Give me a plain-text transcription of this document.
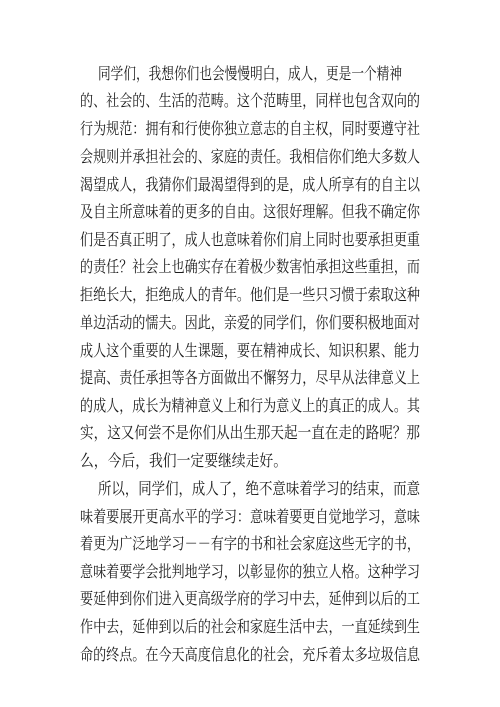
同学们，我想你们也会慢慢明白，成人，更是一个精神
的、社会的、生活的范畴。这个范畴里，同样也包含双向的
行为规范：拥有和行使你独立意志的自主权，同时要遵守社
会规则并承担社会的、家庭的责任。我相信你们绝大多数人
渴望成人，我猜你们最渴望得到的是，成人所享有的自主以
及自主所意味着的更多的自由。这很好理解。但我不确定你
们是否真正明了，成人也意味着你们肩上同时也要承担更重
的责任？社会上也确实存在着极少数害怕承担这些重担，而
拒绝长大，拒绝成人的青年。他们是一些只习惯于索取这种
单边活动的懦夫。因此，亲爱的同学们，你们要积极地面对
成人这个重要的人生课题，要在精神成长、知识积累、能力
提高、责任承担等各方面做出不懈努力，尽早从法律意义上
的成人，成长为精神意义上和行为意义上的真正的成人。其
实，这又何尝不是你们从出生那天起一直在走的路呢？那
么，今后，我们一定要继续走好。
所以，同学们，成人了，绝不意味着学习的结束，而意
味着要展开更高水平的学习：意味着要更自觉地学习，意味
着更为广泛地学习－－有字的书和社会家庭这些无字的书，
意味着要学会批判地学习，以彰显你的独立人格。这种学习
要延伸到你们进入更高级学府的学习中去，延伸到以后的工
作中去，延伸到以后的社会和家庭生活中去，一直延续到生
命的终点。在今天高度信息化的社会，充斥着太多垃圾信息
